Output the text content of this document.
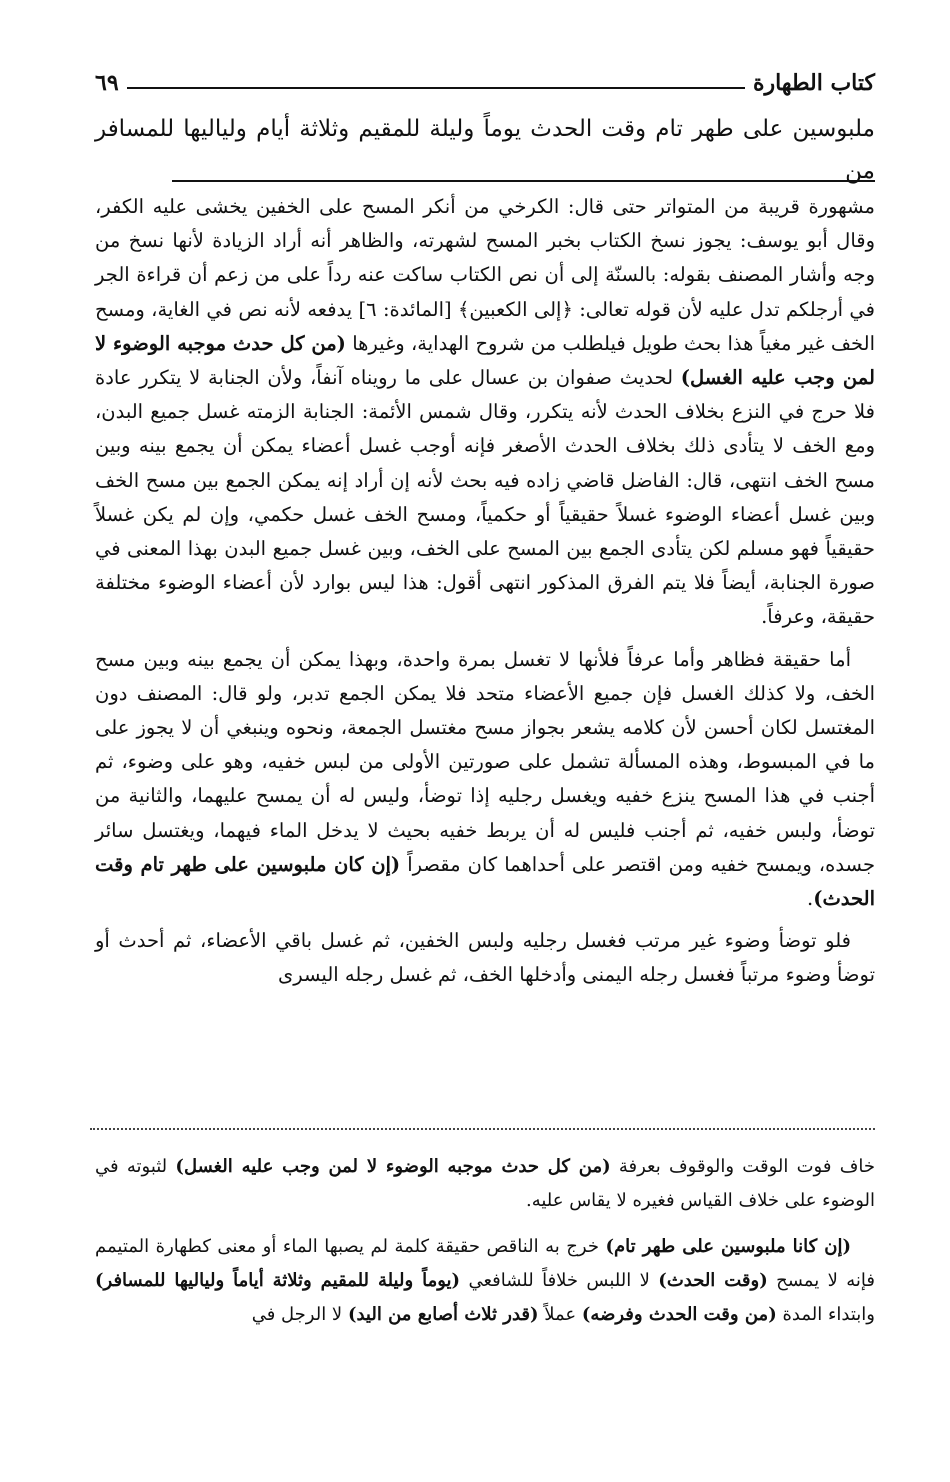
كتاب الطهارة
٦٩
ملبوسين على طهر تام وقت الحدث يوماً وليلة للمقيم وثلاثة أيام ولياليها للمسافر من

مشهورة قريبة من المتواتر حتى قال: الكرخي من أنكر المسح على الخفين يخشى عليه الكفر، وقال أبو يوسف: يجوز نسخ الكتاب بخبر المسح لشهرته، والظاهر أنه أراد الزيادة لأنها نسخ من وجه وأشار المصنف بقوله: بالسنّة إلى أن نص الكتاب ساكت عنه رداً على من زعم أن قراءة الجر في أرجلكم تدل عليه لأن قوله تعالى: ﴿إلى الكعبين﴾ [المائدة: ٦] يدفعه لأنه نص في الغاية، ومسح الخف غير مغياً هذا بحث طويل فيلطلب من شروح الهداية، وغيرها (من كل حدث موجبه الوضوء لا لمن وجب عليه الغسل) لحديث صفوان بن عسال على ما رويناه آنفاً، ولأن الجنابة لا يتكرر عادة فلا حرج في النزع بخلاف الحدث لأنه يتكرر، وقال شمس الأئمة: الجنابة الزمته غسل جميع البدن، ومع الخف لا يتأدى ذلك بخلاف الحدث الأصغر فإنه أوجب غسل أعضاء يمكن أن يجمع بينه وبين مسح الخف انتهى، قال: الفاضل قاضي زاده فيه بحث لأنه إن أراد إنه يمكن الجمع بين مسح الخف وبين غسل أعضاء الوضوء غسلاً حقيقياً أو حكمياً، ومسح الخف غسل حكمي، وإن لم يكن غسلاً حقيقياً فهو مسلم لكن يتأدى الجمع بين المسح على الخف، وبين غسل جميع البدن بهذا المعنى في صورة الجنابة، أيضاً فلا يتم الفرق المذكور انتهى أقول: هذا ليس بوارد لأن أعضاء الوضوء مختلفة حقيقة، وعرفاً.

أما حقيقة فظاهر وأما عرفاً فلأنها لا تغسل بمرة واحدة، وبهذا يمكن أن يجمع بينه وبين مسح الخف، ولا كذلك الغسل فإن جميع الأعضاء متحد فلا يمكن الجمع تدبر، ولو قال: المصنف دون المغتسل لكان أحسن لأن كلامه يشعر بجواز مسح مغتسل الجمعة، ونحوه وينبغي أن لا يجوز على ما في المبسوط، وهذه المسألة تشمل على صورتين الأولى من لبس خفيه، وهو على وضوء، ثم أجنب في هذا المسح ينزع خفيه ويغسل رجليه إذا توضأ، وليس له أن يمسح عليهما، والثانية من توضأ، ولبس خفيه، ثم أجنب فليس له أن يربط خفيه بحيث لا يدخل الماء فيهما، ويغتسل سائر جسده، ويمسح خفيه ومن اقتصر على أحداهما كان مقصراً (إن كان ملبوسين على طهر تام وقت الحدث).

فلو توضأ وضوء غير مرتب فغسل رجليه ولبس الخفين، ثم غسل باقي الأعضاء، ثم أحدث أو توضأ وضوء مرتباً فغسل رجله اليمنى وأدخلها الخف، ثم غسل رجله اليسرى

خاف فوت الوقت والوقوف بعرفة (من كل حدث موجبه الوضوء لا لمن وجب عليه الغسل) لثبوته في الوضوء على خلاف القياس فغيره لا يقاس عليه.

(إن كانا ملبوسين على طهر تام) خرج به الناقص حقيقة كلمة لم يصبها الماء أو معنى كطهارة المتيمم فإنه لا يمسح (وقت الحدث) لا اللبس خلافاً للشافعي (يوماً وليلة للمقيم وثلاثة أياماً ولياليها للمسافر) وابتداء المدة (من وقت الحدث وفرضه) عملاً (قدر ثلاث أصابع من اليد) لا الرجل في
